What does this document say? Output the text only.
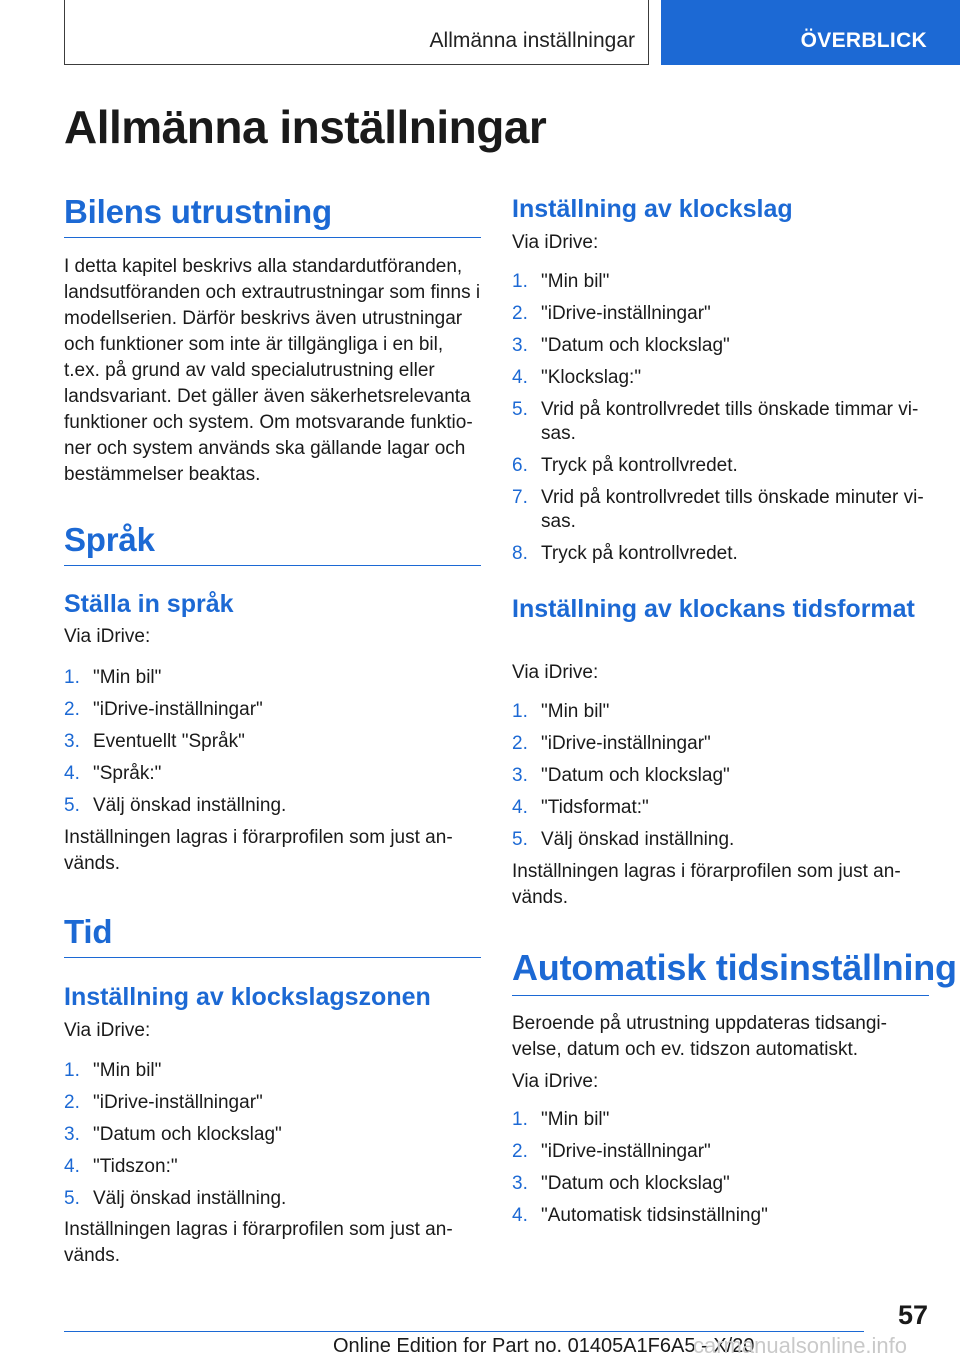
Allmänna inställningar	ÖVERBLICK
Allmänna inställningar
Bilens utrustning

I detta kapitel beskrivs alla standardutföranden, landsutföranden och extrautrustningar som finns i modellserien. Därför beskrivs även utrustningar och funktioner som inte är tillgängliga i en bil, t.ex. på grund av vald specialutrustning eller landsvariant. Det gäller även säkerhetsrelevanta funktioner och system. Om motsvarande funktioner och system används ska gällande lagar och bestämmelser beaktas.

Språk
Ställa in språk
Via iDrive:
1. "Min bil"
2. "iDrive-inställningar"
3. Eventuellt "Språk"
4. "Språk:"
5. Välj önskad inställning.

Inställningen lagras i förarprofilen som just används.

Tid
Inställning av klockslagszonen
Via iDrive:
1. "Min bil"
2. "iDrive-inställningar"
3. "Datum och klockslag"
4. "Tidszon:"
5. Välj önskad inställning.

Inställningen lagras i förarprofilen som just används.

Inställning av klockslag
Via iDrive:
1. "Min bil"
2. "iDrive-inställningar"
3. "Datum och klockslag"
4. "Klockslag:"
5. Vrid på kontrollvredet tills önskade timmar visas.
6. Tryck på kontrollvredet.
7. Vrid på kontrollvredet tills önskade minuter visas.
8. Tryck på kontrollvredet.
Inställning av klockans tidsformat
Via iDrive:
1. "Min bil"
2. "iDrive-inställningar"
3. "Datum och klockslag"
4. "Tidsformat:"
5. Välj önskad inställning.

Inställningen lagras i förarprofilen som just används.

Automatisk tidsinställning

Beroende på utrustning uppdateras tidsangivelse, datum och ev. tidszon automatiskt.

Via iDrive:
1. "Min bil"
2. "iDrive-inställningar"
3. "Datum och klockslag"
4. "Automatisk tidsinställning"
57
Online Edition for Part no. 01405A1F6A5 - X/20
carmanualsonline.info
